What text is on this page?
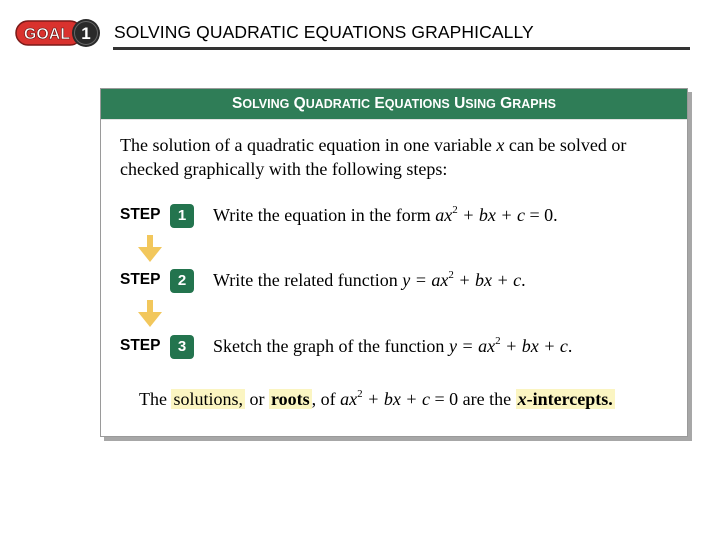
GOAL 1 SOLVING QUADRATIC EQUATIONS GRAPHICALLY
SOLVING QUADRATIC EQUATIONS USING GRAPHS
The solution of a quadratic equation in one variable x can be solved or checked graphically with the following steps:
STEP	1	Write the equation in the form $ax^2$ + bx + c = 0.
STEP	2	Write the related function $y = ax^2$ + bx + c.
STEP	3	Sketch the graph of the function $y = ax^2$ + bx + c.
The solutions, or roots , of $ax^2$ + bx + c = 0 are the x-intercepts.
